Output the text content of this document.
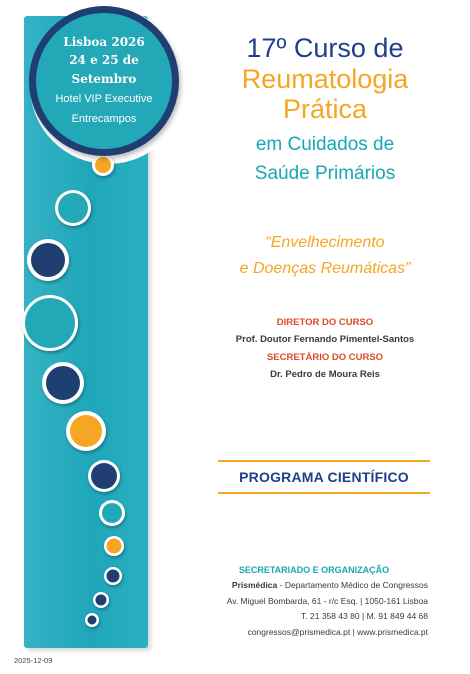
Lisboa 2026
24 e 25 de Setembro
Hotel VIP Executive
Entrecampos
17º Curso de
Reumatologia
Prática
em Cuidados de
Saúde Primários
“Envelhecimento
e Doenças Reumáticas”
DIRETOR DO CURSO
Prof. Doutor Fernando Pimentel-Santos
SECRETÁRIO DO CURSO
Dr. Pedro de Moura Reis
PROGRAMA CIENTÍFICO
SECRETARIADO E ORGANIZAÇÃO
Prismédica - Departamento Médico de Congressos
Av. Miguel Bombarda, 61 - r/c Esq. | 1050-161 Lisboa
T. 21 358 43 80 | M. 91 849 44 68
congressos@prismedica.pt | www.prismedica.pt
2025-12-09
